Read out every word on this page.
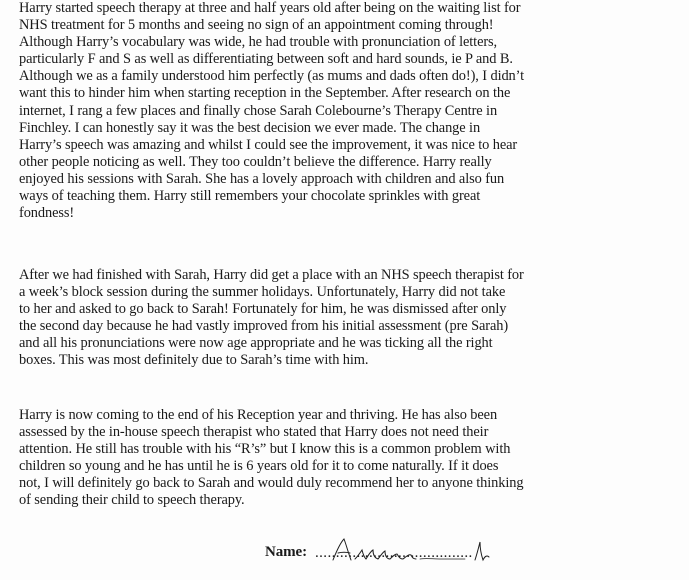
Harry started speech therapy at three and half years old after being on the waiting list for
NHS treatment for 5 months and seeing no sign of an appointment coming through!
Although Harry’s vocabulary was wide, he had trouble with pronunciation of letters,
particularly F and S as well as differentiating between soft and hard sounds, ie P and B.
Although we as a family understood him perfectly (as mums and dads often do!), I didn’t
want this to hinder him when starting reception in the September. After research on the
internet, I rang a few places and finally chose Sarah Colebourne’s Therapy Centre in
Finchley. I can honestly say it was the best decision we ever made. The change in
Harry’s speech was amazing and whilst I could see the improvement, it was nice to hear
other people noticing as well. They too couldn’t believe the difference. Harry really
enjoyed his sessions with Sarah. She has a lovely approach with children and also fun
ways of teaching them. Harry still remembers your chocolate sprinkles with great
fondness!
After we had finished with Sarah, Harry did get a place with an NHS speech therapist for
a week’s block session during the summer holidays. Unfortunately, Harry did not take
to her and asked to go back to Sarah! Fortunately for him, he was dismissed after only
the second day because he had vastly improved from his initial assessment (pre Sarah)
and all his pronunciations were now age appropriate and he was ticking all the right
boxes. This was most definitely due to Sarah’s time with him.
Harry is now coming to the end of his Reception year and thriving. He has also been
assessed by the in-house speech therapist who stated that Harry does not need their
attention. He still has trouble with his “R’s” but I know this is a common problem with
children so young and he has until he is 6 years old for it to come naturally. If it does
not, I will definitely go back to Sarah and would duly recommend her to anyone thinking
of sending their child to speech therapy.
Name: ......................................
